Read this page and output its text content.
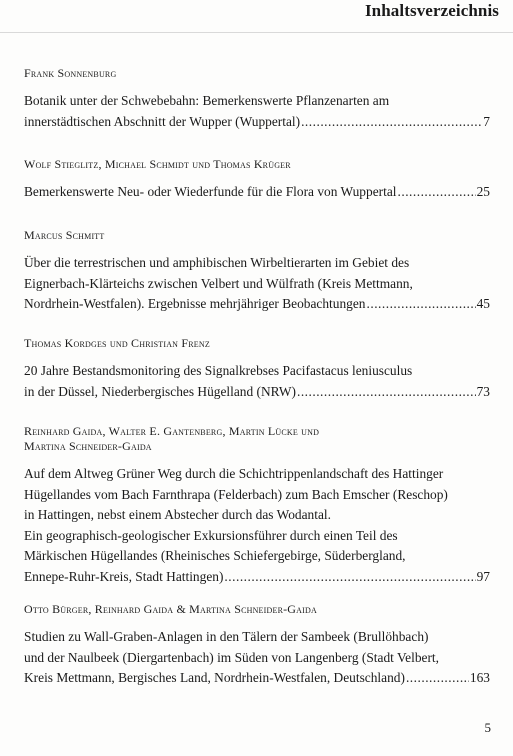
Inhaltsverzeichnis
Frank Sonnenburg
Botanik unter der Schwebebahn: Bemerkenswerte Pflanzenarten am
innerstädtischen Abschnitt der Wupper (Wuppertal) .....	7
Wolf Stieglitz, Michael Schmidt und Thomas Krüger
Bemerkenswerte Neu- oder Wiederfunde für die Flora von Wuppertal .....	25
Marcus Schmitt
Über die terrestrischen und amphibischen Wirbeltierarten im Gebiet des
Eignerbach-Klärteichs zwischen Velbert und Wülfrath (Kreis Mettmann,
Nordrhein-Westfalen). Ergebnisse mehrjähriger Beobachtungen .....	45
Thomas Kordges und Christian Frenz
20 Jahre Bestandsmonitoring des Signalkrebses Pacifastacus leniusculus
in der Düssel, Niederbergisches Hügelland (NRW) .....	73
Reinhard Gaida, Walter E. Gantenberg, Martin Lücke und
Martina Schneider-Gaida
Auf dem Altweg Grüner Weg durch die Schichtrippenlandschaft des Hattinger
Hügellandes vom Bach Farnthrapa (Felderbach) zum Bach Emscher (Reschop)
in Hattingen, nebst einem Abstecher durch das Wodantal.
Ein geographisch-geologischer Exkursionsführer durch einen Teil des
Märkischen Hügellandes (Rheinisches Schiefergebirge, Süderbergland,
Ennepe-Ruhr-Kreis, Stadt Hattingen) .....	97
Otto Bürger, Reinhard Gaida & Martina Schneider-Gaida
Studien zu Wall-Graben-Anlagen in den Tälern der Sambeek (Brullöhbach)
und der Naulbeek (Diergartenbach) im Süden von Langenberg (Stadt Velbert,
Kreis Mettmann, Bergisches Land, Nordrhein-Westfalen, Deutschland) .....	163
5
